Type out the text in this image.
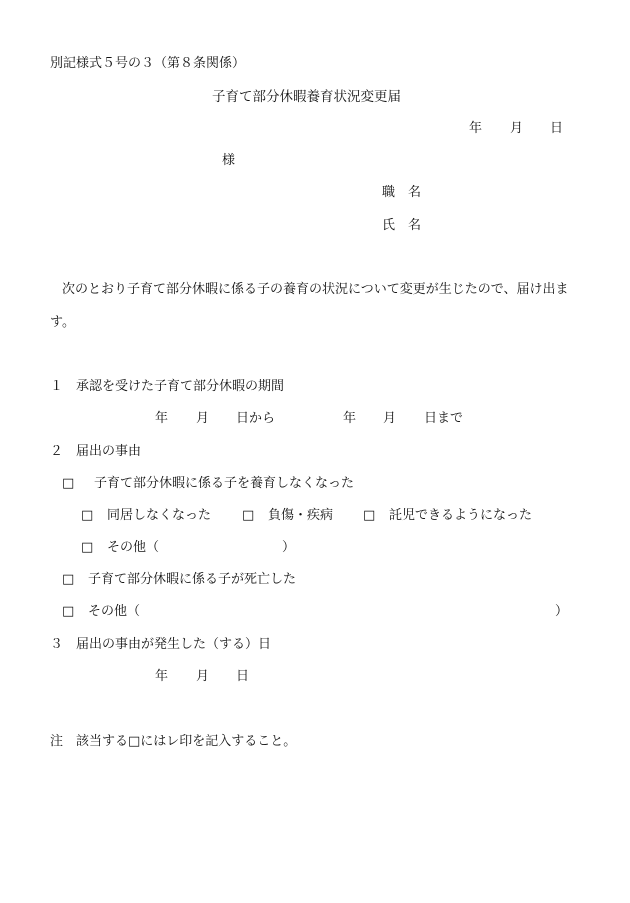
別記様式５号の３（第８条関係）
子育て部分休暇養育状況変更届
年 月 日
様
職　名
氏　名
次のとおり子育て部分休暇に係る子の養育の状況について変更が生じたので、届け出ま
す。
１　承認を受けた子育て部分休暇の期間
年 月 日から	年 月 日まで
２　届出の事由
□ 子育て部分休暇に係る子を養育しなくなった
□ 同居しなくなった □ 負傷・疾病 □ 託児できるようになった
□ その他（	）
□ 子育て部分休暇に係る子が死亡した
□ その他（	）
３　届出の事由が発生した（する）日
年 月 日
注　該当する□にはレ印を記入すること。
